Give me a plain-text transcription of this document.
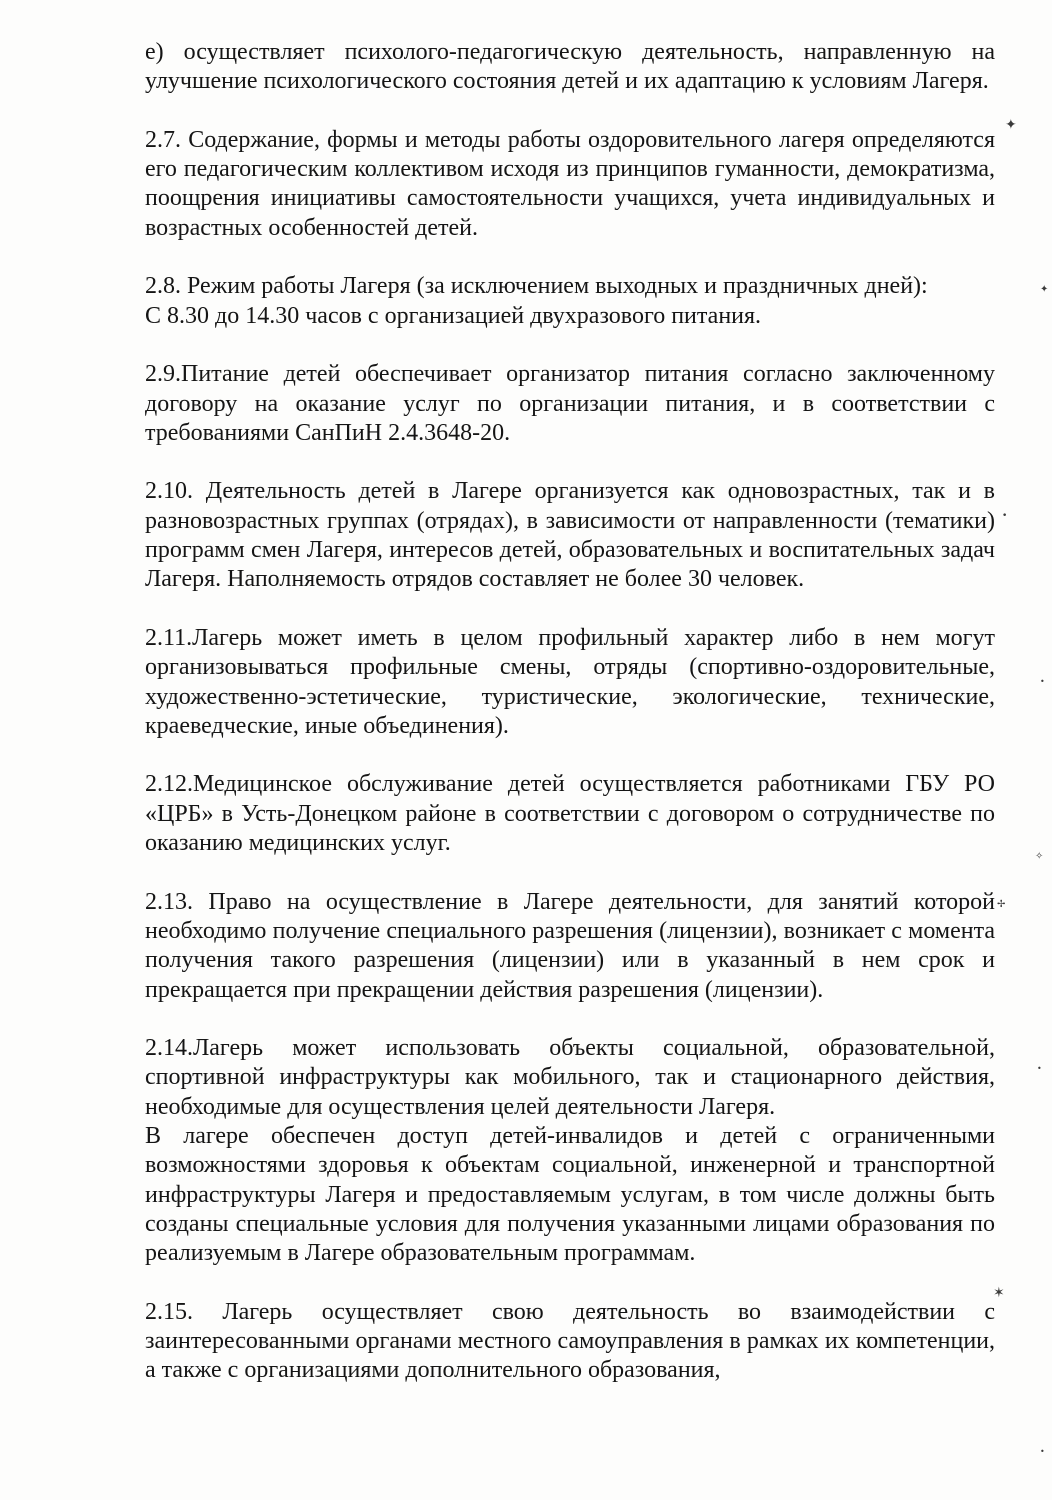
е) осуществляет психолого-педагогическую деятельность, направленную на улучшение психологического состояния детей и их адаптацию к условиям Лагеря.

2.7. Содержание, формы и методы работы оздоровительного лагеря определяются его педагогическим коллективом исходя из принципов гуманности, демократизма, поощрения инициативы самостоятельности учащихся, учета индивидуальных и возрастных особенностей детей.

2.8. Режим работы Лагеря (за исключением выходных и праздничных дней):

С 8.30 до 14.30 часов с организацией двухразового питания.

2.9.Питание детей обеспечивает организатор питания согласно заключенному договору на оказание услуг по организации питания, и в соответствии с требованиями СанПиН 2.4.3648-20.

2.10. Деятельность детей в Лагере организуется как одновозрастных, так и в разновозрастных группах (отрядах), в зависимости от направленности (тематики) программ смен Лагеря, интересов детей, образовательных и воспитательных задач Лагеря. Наполняемость отрядов составляет не более 30 человек.

2.11.Лагерь может иметь в целом профильный характер либо в нем могут организовываться профильные смены, отряды (спортивно-оздоровительные, художественно-эстетические, туристические, экологические, технические, краеведческие, иные объединения).

2.12.Медицинское обслуживание детей осуществляется работниками ГБУ РО «ЦРБ» в Усть-Донецком районе в соответствии с договором о сотрудничестве по оказанию медицинских услуг.

2.13. Право на осуществление в Лагере деятельности, для занятий которой необходимо получение специального разрешения (лицензии), возникает с момента получения такого разрешения (лицензии) или в указанный в нем срок и прекращается при прекращении действия разрешения (лицензии).

2.14.Лагерь может использовать объекты социальной, образовательной, спортивной инфраструктуры как мобильного, так и стационарного действия, необходимые для осуществления целей деятельности Лагеря.

В лагере обеспечен доступ детей-инвалидов и детей с ограниченными возможностями здоровья к объектам социальной, инженерной и транспортной инфраструктуры Лагеря и предоставляемым услугам, в том числе должны быть созданы специальные условия для получения указанными лицами образования по реализуемым в Лагере образовательным программам.

2.15. Лагерь осуществляет свою деятельность во взаимодействии с заинтересованными органами местного самоуправления в рамках их компетенции, а также с организациями дополнительного образования,

✦
✦
•
•
✧
✢
•
✶
•
